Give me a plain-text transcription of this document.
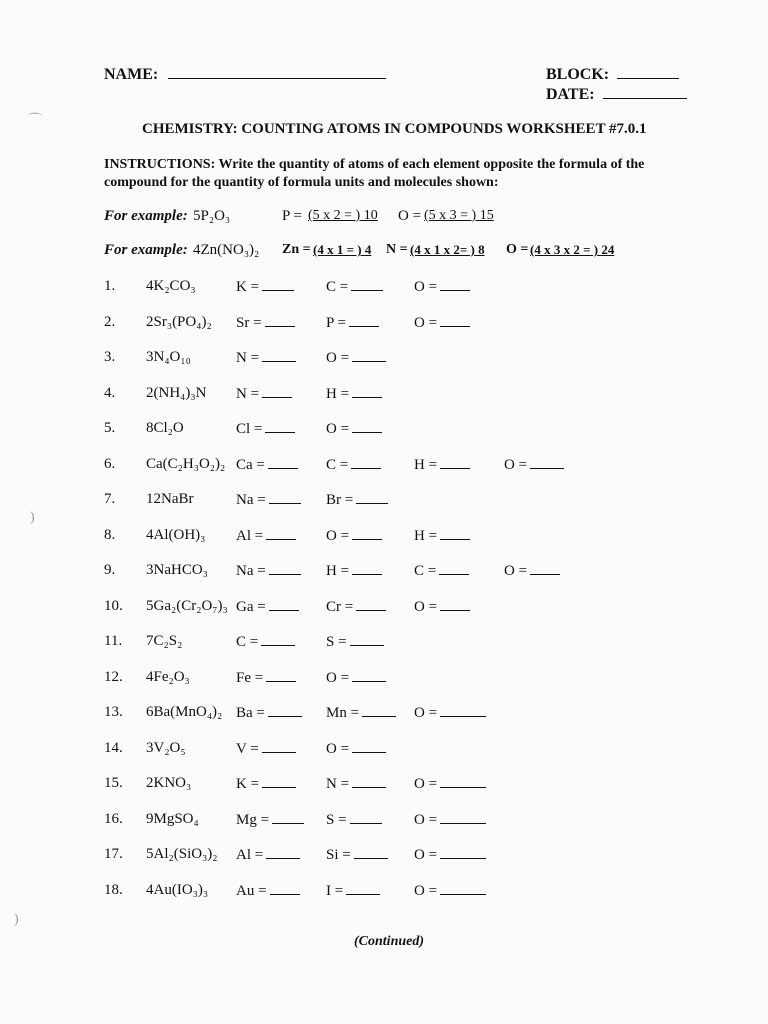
NAME:	BLOCK:
DATE:
CHEMISTRY: COUNTING ATOMS IN COMPOUNDS WORKSHEET #7.0.1
INSTRUCTIONS: Write the quantity of atoms of each element opposite the formula of the
compound for the quantity of formula units and molecules shown:
For example: 5P₂O₃	P = (5 x 2 = ) 10	O = (5 x 3 = ) 15
For example: 4Zn(NO₃)₂ Zn = (4 x 1 = ) 4 N = (4 x 1 x 2= ) 8 O = (4 x 3 x 2 = ) 24
1. 4K₂CO₃	K =	C =	O =
2. 2Sr₃(PO₄)₂ Sr =	P =	O =
3. 3N₄O₁₀	N =	O =
4. 2(NH₄)₃N N =	H =
5. 8Cl₂O	Cl =	O =
6. Ca(C₂H₃O₂)₂ Ca =	C =	H =	O =
7. 12NaBr	Na =	Br =
8. 4Al(OH)₃ Al =	O =	H =
9. 3NaHCO₃ Na =	H =	C =	O =
10. 5Ga₂(Cr₂O₇)₃ Ga =	Cr =	O =
11. 7C₂S₂	C =	S =
12. 4Fe₂O₃	Fe =	O =
13. 6Ba(MnO₄)₂ Ba =	Mn =	O =
14. 3V₂O₅	V =	O =
15. 2KNO₃	K =	N =	O =
16. 9MgSO₄ Mg =	S =	O =
17. 5Al₂(SiO₃)₂ Al =	Si =	O =
18. 4Au(IO₃)₃ Au =	I =	O =
(Continued)
⌒
)
)
